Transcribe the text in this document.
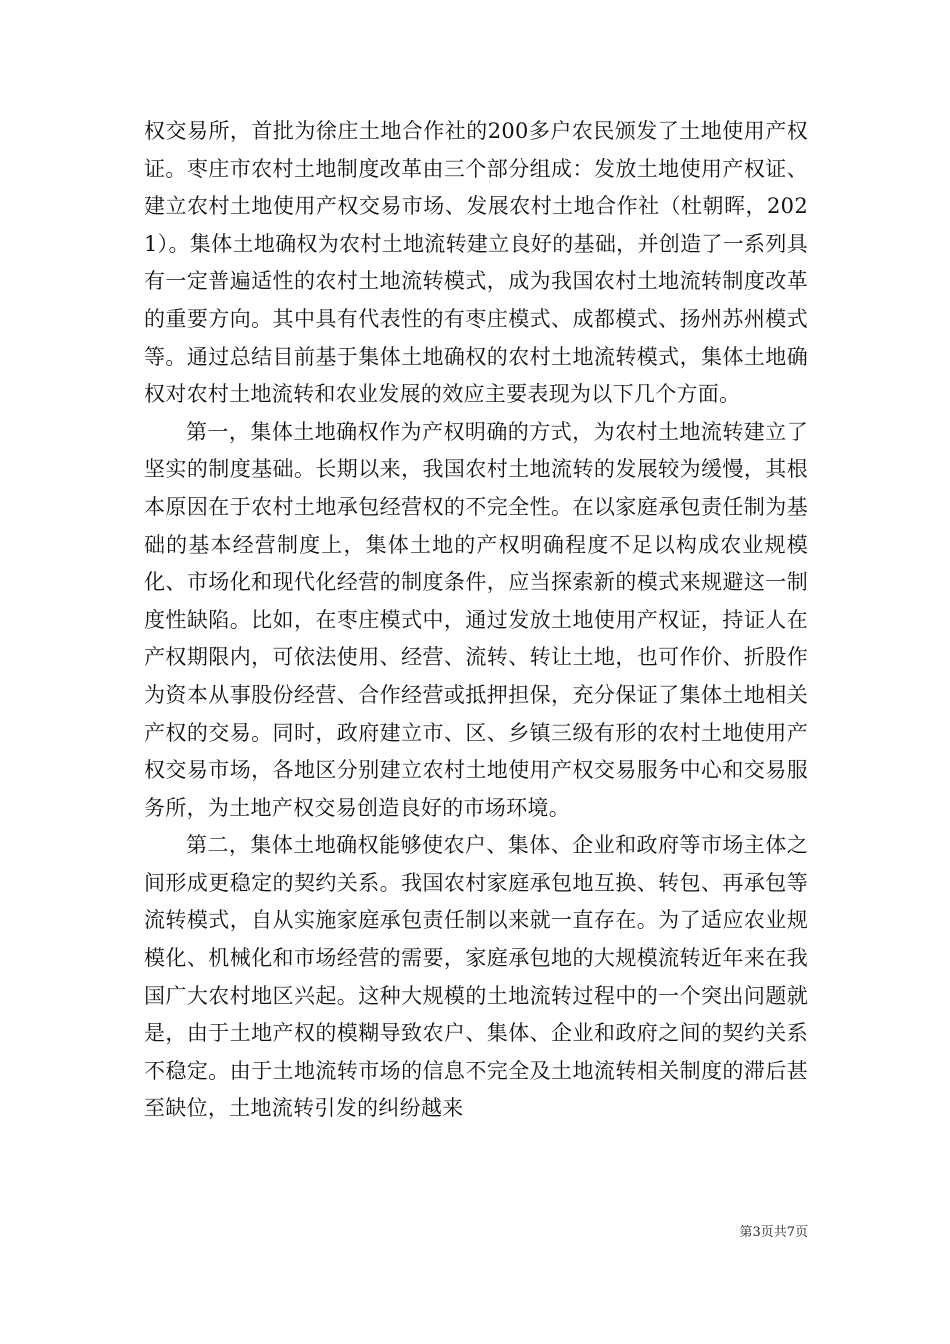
权交易所，首批为徐庄土地合作社的200多户农民颁发了土地使用产权证。枣庄市农村土地制度改革由三个部分组成：发放土地使用产权证、建立农村土地使用产权交易市场、发展农村土地合作社（杜朝晖，2021）。集体土地确权为农村土地流转建立良好的基础，并创造了一系列具有一定普遍适性的农村土地流转模式，成为我国农村土地流转制度改革的重要方向。其中具有代表性的有枣庄模式、成都模式、扬州苏州模式等。通过总结目前基于集体土地确权的农村土地流转模式，集体土地确权对农村土地流转和农业发展的效应主要表现为以下几个方面。

第一，集体土地确权作为产权明确的方式，为农村土地流转建立了坚实的制度基础。长期以来，我国农村土地流转的发展较为缓慢，其根本原因在于农村土地承包经营权的不完全性。在以家庭承包责任制为基础的基本经营制度上，集体土地的产权明确程度不足以构成农业规模化、市场化和现代化经营的制度条件，应当探索新的模式来规避这一制度性缺陷。比如，在枣庄模式中，通过发放土地使用产权证，持证人在产权期限内，可依法使用、经营、流转、转让土地，也可作价、折股作为资本从事股份经营、合作经营或抵押担保，充分保证了集体土地相关产权的交易。同时，政府建立市、区、乡镇三级有形的农村土地使用产权交易市场，各地区分别建立农村土地使用产权交易服务中心和交易服务所，为土地产权交易创造良好的市场环境。

第二，集体土地确权能够使农户、集体、企业和政府等市场主体之间形成更稳定的契约关系。我国农村家庭承包地互换、转包、再承包等流转模式，自从实施家庭承包责任制以来就一直存在。为了适应农业规模化、机械化和市场经营的需要，家庭承包地的大规模流转近年来在我国广大农村地区兴起。这种大规模的土地流转过程中的一个突出问题就是，由于土地产权的模糊导致农户、集体、企业和政府之间的契约关系不稳定。由于土地流转市场的信息不完全及土地流转相关制度的滞后甚至缺位，土地流转引发的纠纷越来

第3页共7页
